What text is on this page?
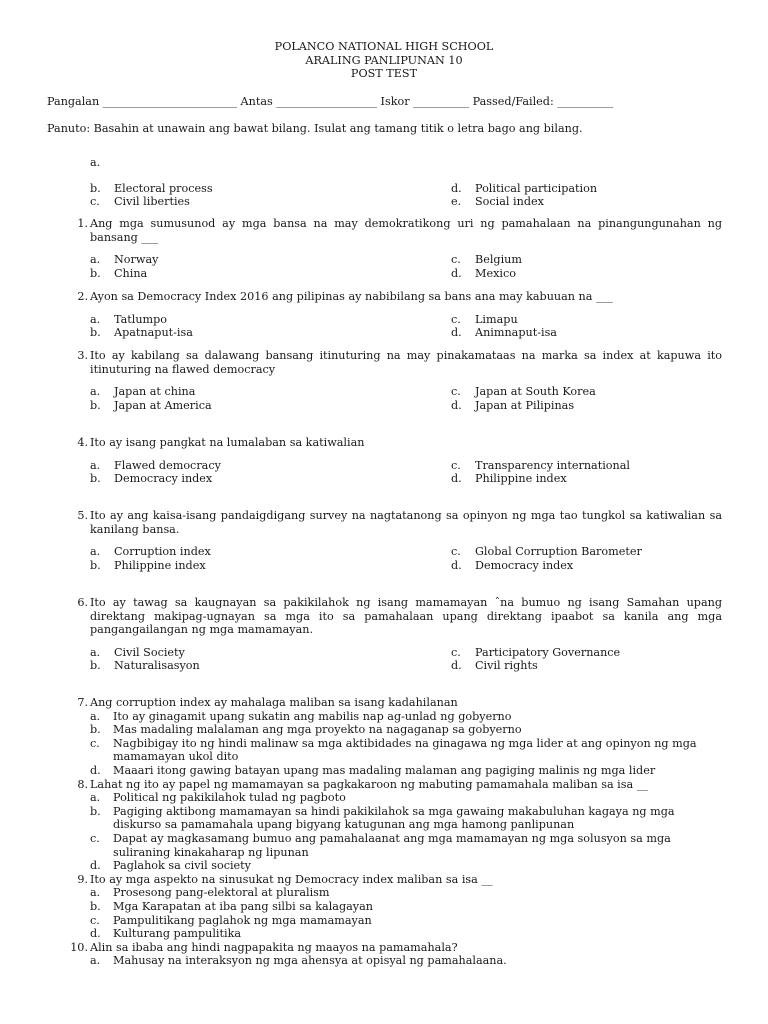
POLANCO NATIONAL HIGH SCHOOL
ARALING PANLIPUNAN 10
POST TEST
Pangalan ________________________ Antas __________________ Iskor __________ Passed/Failed: __________
Panuto: Basahin at unawain ang bawat bilang. Isulat ang tamang titik o letra bago ang bilang.
a .
b .	Electoral process	d .	Political participation
c .	Civil liberties	e .	Social index
1 . Ang mga sumusunod ay mga bansa na may demokratikong uri ng pamahalaan na pinangungunahan ng bansang ___
a .	Norway	c .	Belgium
b .	China	d .	Mexico
2 . Ayon sa Democracy Index 2016 ang pilipinas ay nabibilang sa bans ana may kabuuan na ___
a .	Tatlumpo	c .	Limapu
b .	Apatnaput-isa	d .	Animnaput-isa
3 . Ito ay kabilang sa dalawang bansang itinuturing na may pinakamataas na marka sa index at kapuwa ito itinuturing na flawed democracy
a .	Japan at china	c .	Japan at South Korea
b .	Japan at America	d .	Japan at Pilipinas
4 . Ito ay isang pangkat na lumalaban sa katiwalian
a .	Flawed democracy	c .	Transparency international
b .	Democracy index	d .	Philippine index
5 . Ito ay ang kaisa-isang pandaigdigang survey na nagtatanong sa opinyon ng mga tao tungkol sa katiwalian sa kanilang bansa.
a .	Corruption index	c .	Global Corruption Barometer
b .	Philippine index	d .	Democracy index
6 . Ito ay tawag sa kaugnayan sa pakikilahok ng isang mamamayan ˆna bumuo ng isang Samahan upang direktang makipag-ugnayan sa mga ito sa pamahalaan upang direktang ipaabot sa kanila ang mga pangangailangan ng mga mamamayan.
a .	Civil Society	c .	Participatory Governance
b .	Naturalisasyon	d .	Civil rights
7 . Ang corruption index ay mahalaga maliban sa isang kadahilanan
a .	Ito ay ginagamit upang sukatin ang mabilis nap ag-unlad ng gobyerno
b .	Mas madaling malalaman ang mga proyekto na nagaganap sa gobyerno
c .	Nagbibigay ito ng hindi malinaw sa mga aktibidades na ginagawa ng mga lider at ang opinyon ng mga mamamayan ukol dito
d .	Maaari itong gawing batayan upang mas madaling malaman ang pagiging malinis ng mga lider
8 . Lahat ng ito ay papel ng mamamayan sa pagkakaroon ng mabuting pamamahala maliban sa isa __
a .	Political ng pakikilahok tulad ng pagboto
b .	Pagiging aktibong mamamayan sa hindi pakikilahok sa mga gawaing makabuluhan kagaya ng mga diskurso sa pamamahala upang bigyang katugunan ang mga hamong panlipunan
c .	Dapat ay magkasamang bumuo ang pamahalaanat ang mga mamamayan ng mga solusyon sa mga suliraning kinakaharap ng lipunan
d .	Paglahok sa civil society
9 . Ito ay mga aspekto na sinusukat ng Democracy index maliban sa isa __
a .	Prosesong pang-elektoral at pluralism
b .	Mga Karapatan at iba pang silbi sa kalagayan
c .	Pampulitikang paglahok ng mga mamamayan
d .	Kulturang pampulitika
10 . Alin sa ibaba ang hindi nagpapakita ng maayos na pamamahala?
a .	Mahusay na interaksyon ng mga ahensya at opisyal ng pamahalaana.
